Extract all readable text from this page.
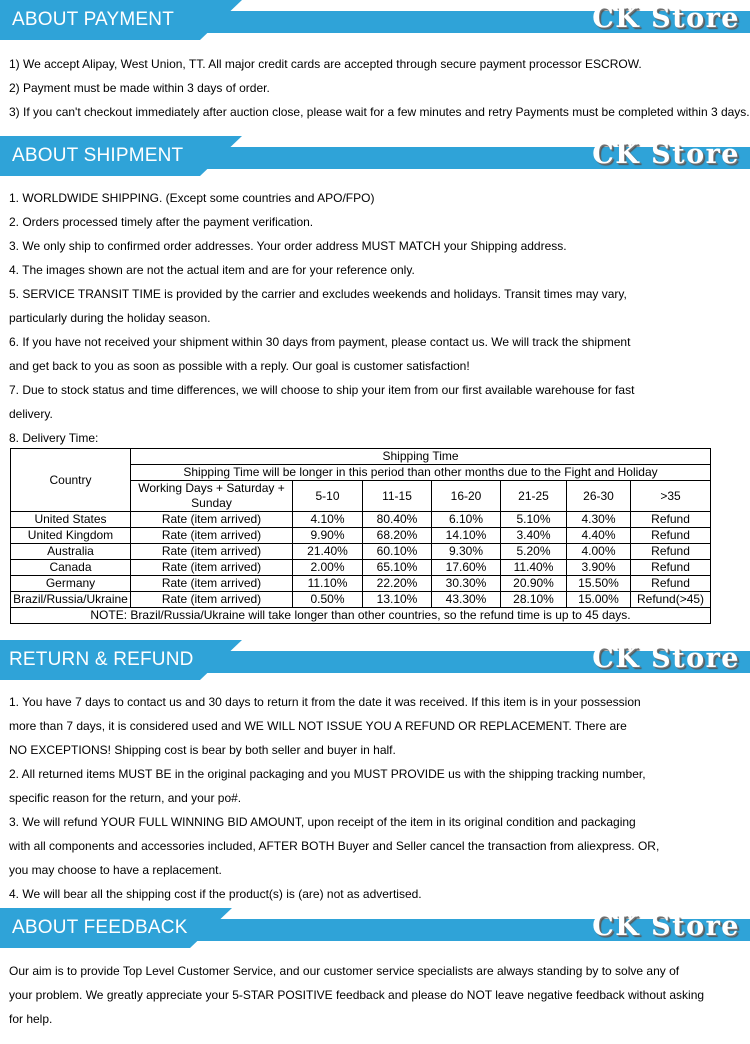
ABOUT PAYMENT	CK Store
1) We accept Alipay, West Union, TT. All major credit cards are accepted through secure payment processor ESCROW.
2) Payment must be made within 3 days of order.
3) If you can't checkout immediately after auction close, please wait for a few minutes and retry Payments must be completed within 3 days.
ABOUT SHIPMENT	CK Store
1. WORLDWIDE SHIPPING. (Except some countries and APO/FPO)
2. Orders processed timely after the payment verification.
3. We only ship to confirmed order addresses. Your order address MUST MATCH your Shipping address.
4. The images shown are not the actual item and are for your reference only.
5. SERVICE TRANSIT TIME is provided by the carrier and excludes weekends and holidays. Transit times may vary,
particularly during the holiday season.
6. If you have not received your shipment within 30 days from payment, please contact us. We will track the shipment
and get back to you as soon as possible with a reply. Our goal is customer satisfaction!
7. Due to stock status and time differences, we will choose to ship your item from our first available warehouse for fast
delivery.
8. Delivery Time:
Country	Shipping Time						
	Shipping Time will be longer in this period than other months due to the Fight and Holiday						
	Working Days + Saturday + Sunday	5-10	11-15	16-20	21-25	26-30	>35
United States	Rate (item arrived)	4.10%	80.40%	6.10%	5.10%	4.30%	Refund
United Kingdom	Rate (item arrived)	9.90%	68.20%	14.10%	3.40%	4.40%	Refund
Australia	Rate (item arrived)	21.40%	60.10%	9.30%	5.20%	4.00%	Refund
Canada	Rate (item arrived)	2.00%	65.10%	17.60%	11.40%	3.90%	Refund
Germany	Rate (item arrived)	11.10%	22.20%	30.30%	20.90%	15.50%	Refund
Brazil/Russia/Ukraine	Rate (item arrived)	0.50%	13.10%	43.30%	28.10%	15.00%	Refund(>45)
NOTE: Brazil/Russia/Ukraine will take longer than other countries, so the refund time is up to 45 days.							
RETURN & REFUND	CK Store
1. You have 7 days to contact us and 30 days to return it from the date it was received. If this item is in your possession
more than 7 days, it is considered used and WE WILL NOT ISSUE YOU A REFUND OR REPLACEMENT. There are
NO EXCEPTIONS! Shipping cost is bear by both seller and buyer in half.
2. All returned items MUST BE in the original packaging and you MUST PROVIDE us with the shipping tracking number,
specific reason for the return, and your po#.
3. We will refund YOUR FULL WINNING BID AMOUNT, upon receipt of the item in its original condition and packaging
with all components and accessories included, AFTER BOTH Buyer and Seller cancel the transaction from aliexpress. OR,
you may choose to have a replacement.
4. We will bear all the shipping cost if the product(s) is (are) not as advertised.
ABOUT FEEDBACK	CK Store
Our aim is to provide Top Level Customer Service, and our customer service specialists are always standing by to solve any of
your problem. We greatly appreciate your 5-STAR POSITIVE feedback and please do NOT leave negative feedback without asking
for help.
